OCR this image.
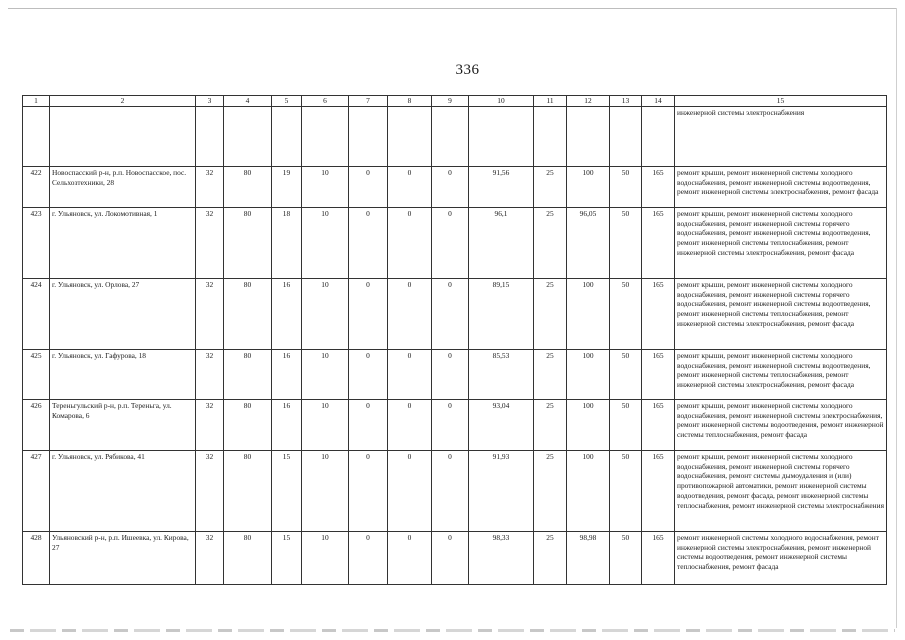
336
1	2	3	4	5	6	7	8	9	10	11	12	13	14	15
														инженерной системы электроснабжения
422	Новоспасский р-н, р.п. Новоспасское, пос. Сельхозтехники, 28	32	80	19	10	0	0	0	91,56	25	100	50	165	ремонт крыши, ремонт инженерной системы холодного водоснабжения, ремонт инженерной системы водоотведения, ремонт инженерной системы электроснабжения, ремонт фасада
423	г. Ульяновск, ул. Локомотивная, 1	32	80	18	10	0	0	0	96,1	25	96,05	50	165	ремонт крыши, ремонт инженерной системы холодного водоснабжения, ремонт инженерной системы горячего водоснабжения, ремонт инженерной системы водоотведения, ремонт инженерной системы теплоснабжения, ремонт инженерной системы электроснабжения, ремонт фасада
424	г. Ульяновск, ул. Орлова, 27	32	80	16	10	0	0	0	89,15	25	100	50	165	ремонт крыши, ремонт инженерной системы холодного водоснабжения, ремонт инженерной системы горячего водоснабжения, ремонт инженерной системы водоотведения, ремонт инженерной системы теплоснабжения, ремонт инженерной системы электроснабжения, ремонт фасада
425	г. Ульяновск, ул. Гафурова, 18	32	80	16	10	0	0	0	85,53	25	100	50	165	ремонт крыши, ремонт инженерной системы холодного водоснабжения, ремонт инженерной системы водоотведения, ремонт инженерной системы теплоснабжения, ремонт инженерной системы электроснабжения, ремонт фасада
426	Тереньгульский р-н, р.п. Тереньга, ул. Комарова, 6	32	80	16	10	0	0	0	93,04	25	100	50	165	ремонт крыши, ремонт инженерной системы холодного водоснабжения, ремонт инженерной системы электроснабжения, ремонт инженерной системы водоотведения, ремонт инженерной системы теплоснабжения, ремонт фасада
427	г. Ульяновск, ул. Рябикова, 41	32	80	15	10	0	0	0	91,93	25	100	50	165	ремонт крыши, ремонт инженерной системы холодного водоснабжения, ремонт инженерной системы горячего водоснабжения, ремонт системы дымоудаления и (или) противопожарной автоматики, ремонт инженерной системы водоотведения, ремонт фасада, ремонт инженерной системы теплоснабжения, ремонт инженерной системы электроснабжения
428	Ульяновский р-н, р.п. Ишеевка, ул. Кирова, 27	32	80	15	10	0	0	0	98,33	25	98,98	50	165	ремонт инженерной системы холодного водоснабжения, ремонт инженерной системы электроснабжения, ремонт инженерной системы водоотведения, ремонт инженерной системы теплоснабжения, ремонт фасада
